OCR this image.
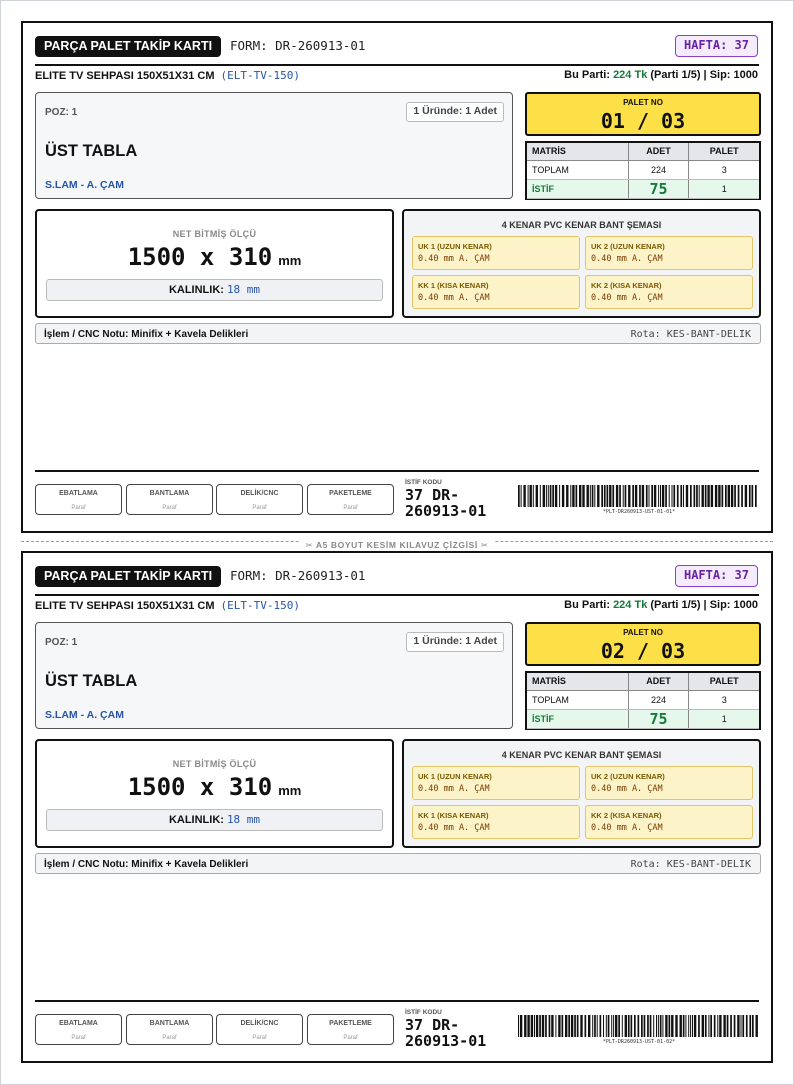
PARÇA PALET TAKİP KARTI	FORM: DR-260913-01	HAFTA: 37
ELITE TV SEHPASI 150X51X31 CM (ELT-TV-150)	Bu Parti: 224 Tk (Parti 1/5) | Sip: 1000
POZ: 1	1 Üründe: 1 Adet
ÜST TABLA
S.LAM - A. ÇAM
PALET NO
01 / 03
MATRİS	ADET	PALET
TOPLAM	224	3
İSTİF	75	1
NET BİTMİŞ ÖLÇÜ
1500 x 310 mm
KALINLIK: 18 mm
4 KENAR PVC KENAR BANT ŞEMASI
UK 1 (UZUN KENAR)
0.40 mm A. ÇAM
UK 2 (UZUN KENAR)
0.40 mm A. ÇAM
KK 1 (KISA KENAR)
0.40 mm A. ÇAM
KK 2 (KISA KENAR)
0.40 mm A. ÇAM
İşlem / CNC Notu: Minifix + Kavela Delikleri	Rota: KES-BANT-DELIK
EBATLAMA
Paraf
BANTLAMA
Paraf
DELİK/CNC
Paraf
PAKETLEME
Paraf
İSTİF KODU
37 DR-260913-01	*PLT-DR260913-UST-01-01*
PARÇA PALET TAKİP KARTI	FORM: DR-260913-01	HAFTA: 37
ELITE TV SEHPASI 150X51X31 CM (ELT-TV-150)	Bu Parti: 224 Tk (Parti 1/5) | Sip: 1000
POZ: 1	1 Üründe: 1 Adet
ÜST TABLA
S.LAM - A. ÇAM
PALET NO
02 / 03
MATRİS	ADET	PALET
TOPLAM	224	3
İSTİF	75	1
NET BİTMİŞ ÖLÇÜ
1500 x 310 mm
KALINLIK: 18 mm
4 KENAR PVC KENAR BANT ŞEMASI
UK 1 (UZUN KENAR)
0.40 mm A. ÇAM
UK 2 (UZUN KENAR)
0.40 mm A. ÇAM
KK 1 (KISA KENAR)
0.40 mm A. ÇAM
KK 2 (KISA KENAR)
0.40 mm A. ÇAM
İşlem / CNC Notu: Minifix + Kavela Delikleri	Rota: KES-BANT-DELIK
EBATLAMA
Paraf
BANTLAMA
Paraf
DELİK/CNC
Paraf
PAKETLEME
Paraf
İSTİF KODU
37 DR-260913-01	*PLT-DR260913-UST-01-02*
✂ A5 BOYUT KESİM KILAVUZ ÇİZGİSİ ✂
